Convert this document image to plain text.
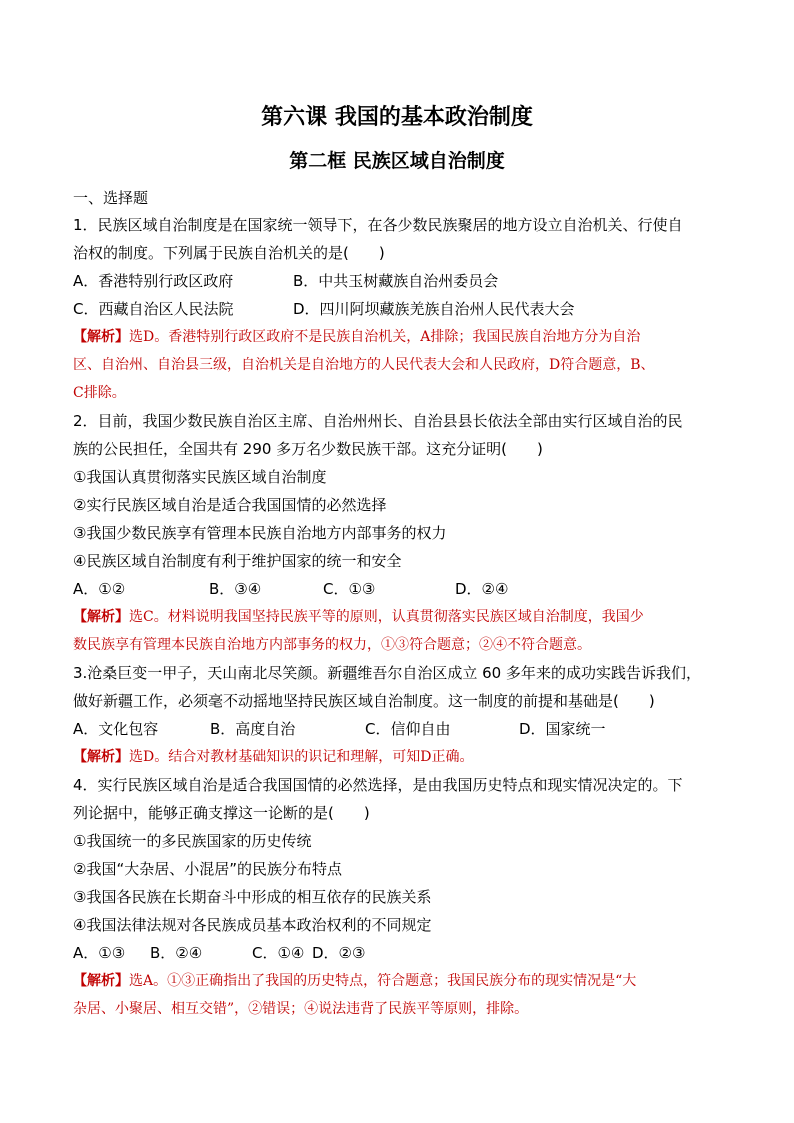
第六课 我国的基本政治制度
第二框 民族区域自治制度
一、选择题
1．民族区域自治制度是在国家统一领导下，在各少数民族聚居的地方设立自治机关、行使自
治权的制度。下列属于民族自治机关的是(　　)
A．香港特别行政区政府	B．中共玉树藏族自治州委员会
C．西藏自治区人民法院	D．四川阿坝藏族羌族自治州人民代表大会
【解析】选D。香港特别行政区政府不是民族自治机关，A排除；我国民族自治地方分为自治
区、自治州、自治县三级，自治机关是自治地方的人民代表大会和人民政府，D符合题意，B、
C排除。
2．目前，我国少数民族自治区主席、自治州州长、自治县县长依法全部由实行区域自治的民
族的公民担任，全国共有 290 多万名少数民族干部。这充分证明(　　)
①我国认真贯彻落实民族区域自治制度
②实行民族区域自治是适合我国国情的必然选择
③我国少数民族享有管理本民族自治地方内部事务的权力
④民族区域自治制度有利于维护国家的统一和安全
A．①②	B．③④	C．①③	D．②④
【解析】选C。材料说明我国坚持民族平等的原则，认真贯彻落实民族区域自治制度，我国少
数民族享有管理本民族自治地方内部事务的权力，①③符合题意；②④不符合题意。
3.沧桑巨变一甲子，天山南北尽笑颜。新疆维吾尔自治区成立 60 多年来的成功实践告诉我们，
做好新疆工作，必须毫不动摇地坚持民族区域自治制度。这一制度的前提和基础是(　　)
A．文化包容	B．高度自治	C．信仰自由	D．国家统一
【解析】选D。结合对教材基础知识的识记和理解，可知D正确。
4．实行民族区域自治是适合我国国情的必然选择，是由我国历史特点和现实情况决定的。下
列论据中，能够正确支撑这一论断的是(　　)
①我国统一的多民族国家的历史传统
②我国“大杂居、小混居”的民族分布特点
③我国各民族在长期奋斗中形成的相互依存的民族关系
④我国法律法规对各民族成员基本政治权利的不同规定
A．①③ B．②④	C．①④ D．②③
【解析】选A。①③正确指出了我国的历史特点，符合题意；我国民族分布的现实情况是“大
杂居、小聚居、相互交错”，②错误；④说法违背了民族平等原则，排除。
